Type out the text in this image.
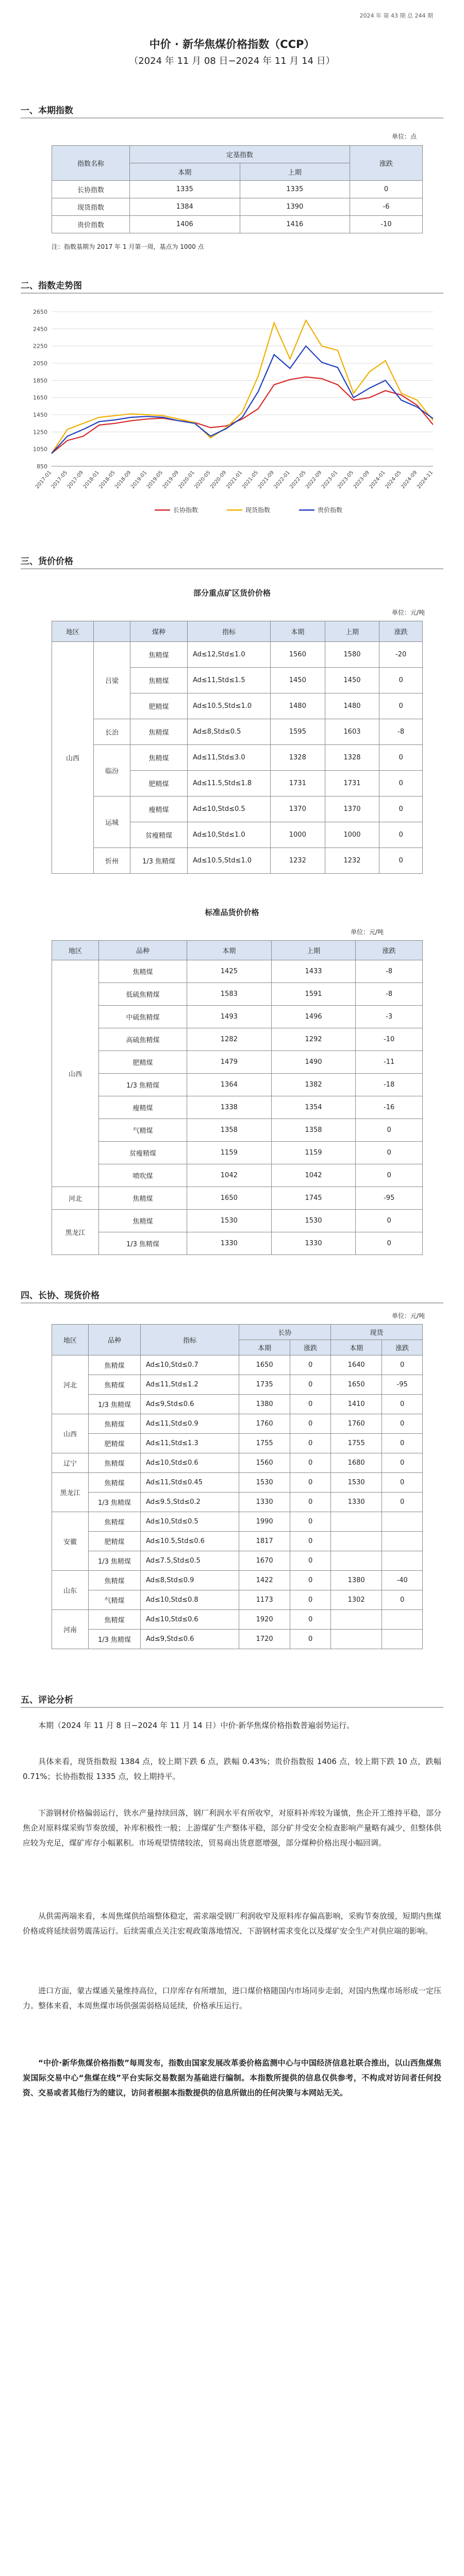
2024 年 第 43 期 总 244 期
中价 · 新华焦煤价格指数（CCP）
（2024 年 11 月 08 日−2024 年 11 月 14 日）
一、本期指数
单位：点
指数名称	定基指数		涨跌
	本期	上期	
长协指数	1335	1335	0
现货指数	1384	1390	-6
贵价指数	1406	1416	-10
注：指数基期为 2017 年 1 月第一周，基点为 1000 点
二、指数走势图
2650
2450
2250
2050
1850
1650
1450
1250
1050
850
2017-01
2017-05
2017-09
2018-01
2018-05
2018-09
2019-01
2019-05
2019-09
2020-01
2020-05
2020-09
2021-01
2021-05
2021-09
2022-01
2022-05
2022-09
2023-01
2023-05
2023-09
2024-01
2024-05
2024-09
2024-11
长协指数	现货指数	贵价指数
三、货价价格
部分重点矿区货价价格
单位：元/吨
地区		煤种	指标	本期	上期	涨跌
山西	吕梁	焦精煤	Ad≤12,Std≤1.0	1560	1580	-20
		焦精煤	Ad≤11,Std≤1.5	1450	1450	0
		肥精煤	Ad≤10.5,Std≤1.0	1480	1480	0
	长治	焦精煤	Ad≤8,Std≤0.5	1595	1603	-8
	临汾	焦精煤	Ad≤11,Std≤3.0	1328	1328	0
		肥精煤	Ad≤11.5,Std≤1.8	1731	1731	0
	运城	瘦精煤	Ad≤10,Std≤0.5	1370	1370	0
		贫瘦精煤	Ad≤10,Std≤1.0	1000	1000	0
	忻州	1/3 焦精煤	Ad≤10.5,Std≤1.0	1232	1232	0
标准品货价价格
单位：元/吨
地区	品种	本期	上期	涨跌
山西	焦精煤	1425	1433	-8
	低硫焦精煤	1583	1591	-8
	中硫焦精煤	1493	1496	-3
	高硫焦精煤	1282	1292	-10
	肥精煤	1479	1490	-11
	1/3 焦精煤	1364	1382	-18
	瘦精煤	1338	1354	-16
	气精煤	1358	1358	0
	贫瘦精煤	1159	1159	0
	喷吹煤	1042	1042	0
河北	焦精煤	1650	1745	-95
黑龙江	焦精煤	1530	1530	0
	1/3 焦精煤	1330	1330	0
四、长协、现货价格
单位：元/吨
地区	品种	指标	长协		现货	
			本期	涨跌	本期	涨跌
河北	焦精煤	Ad≤10,Std≤0.7	1650	0	1640	0
	焦精煤	Ad≤11,Std≤1.2	1735	0	1650	-95
	1/3 焦精煤	Ad≤9,Std≤0.6	1380	0	1410	0
山西	焦精煤	Ad≤11,Std≤0.9	1760	0	1760	0
	肥精煤	Ad≤11,Std≤1.3	1755	0	1755	0
辽宁	焦精煤	Ad≤10,Std≤0.6	1560	0	1680	0
黑龙江	焦精煤	Ad≤11,Std≤0.45	1530	0	1530	0
	1/3 焦精煤	Ad≤9.5,Std≤0.2	1330	0	1330	0
安徽	焦精煤	Ad≤10,Std≤0.5	1990	0		
	肥精煤	Ad≤10.5,Std≤0.6	1817	0		
	1/3 焦精煤	Ad≤7.5,Std≤0.5	1670	0		
山东	焦精煤	Ad≤8,Std≤0.9	1422	0	1380	-40
	气精煤	Ad≤10,Std≤0.8	1173	0	1302	0
河南	焦精煤	Ad≤10,Std≤0.6	1920	0		
	1/3 焦精煤	Ad≤9,Std≤0.6	1720	0		
五、评论分析
本期（2024 年 11 月 8 日−2024 年 11 月 14 日）中价·新华焦煤价格指数普遍弱势运行。
具体来看，现货指数报 1384 点，较上期下跌 6 点，跌幅 0.43%；贵价指数报 1406 点，较上期下跌 10 点，跌幅 0.71%；长协指数报 1335 点，较上期持平。
下游钢材价格偏弱运行，铁水产量持续回落，钢厂利润水平有所收窄，对原料补库较为谨慎，焦企开工维持平稳，部分焦企对原料煤采购节奏放缓，补库积极性一般；上游煤矿生产整体平稳，部分矿井受安全检查影响产量略有减少，但整体供应较为充足，煤矿库存小幅累积。市场观望情绪较浓，贸易商出货意愿增强，部分煤种价格出现小幅回调。
从供需两端来看，本周焦煤供给端整体稳定，需求端受钢厂利润收窄及原料库存偏高影响，采购节奏放缓，短期内焦煤价格或将延续弱势震荡运行。后续需重点关注宏观政策落地情况、下游钢材需求变化以及煤矿安全生产对供应端的影响。
进口方面，蒙古煤通关量维持高位，口岸库存有所增加，进口煤价格随国内市场同步走弱，对国内焦煤市场形成一定压力。整体来看，本周焦煤市场供强需弱格局延续，价格承压运行。
“中价·新华焦煤价格指数”每周发布，指数由国家发展改革委价格监测中心与中国经济信息社联合推出，以山西焦煤焦炭国际交易中心“焦煤在线”平台实际交易数据为基础进行编制。本指数所提供的信息仅供参考，不构成对访问者任何投资、交易或者其他行为的建议，访问者根据本指数提供的信息所做出的任何决策与本网站无关。
